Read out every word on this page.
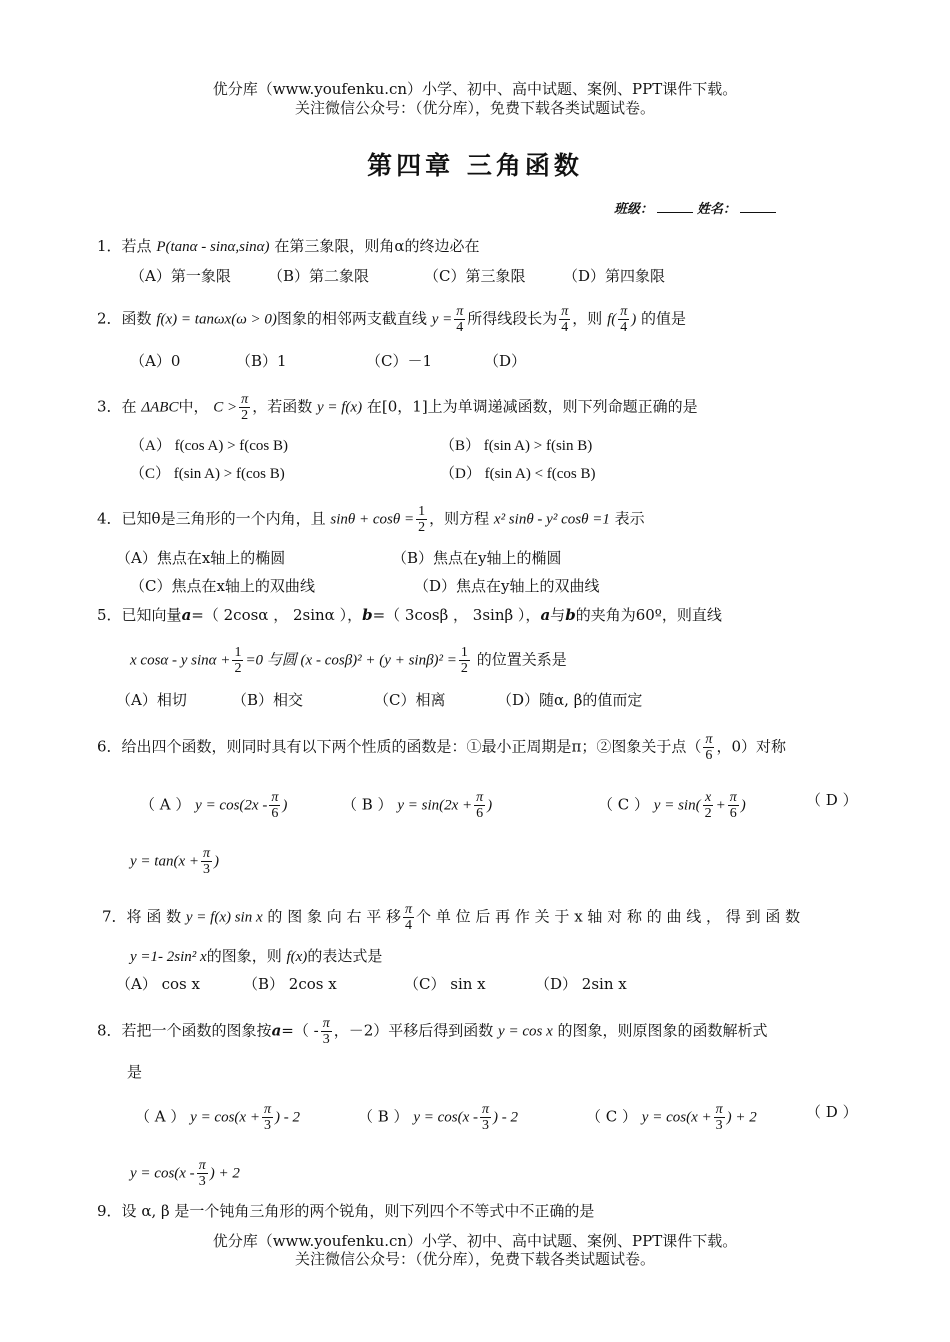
优分库（www.youfenku.cn）小学、初中、高中试题、案例、PPT课件下载。
关注微信公众号：（优分库），免费下载各类试题试卷。
第四章 三角函数
班级：	姓名：
1．若点 P(tanα - sinα,sinα) 在第三象限，则角α的终边必在
（A）第一象限 （B）第二象限	（C）第三象限	（D）第四象限
2．函数 f(x) = tanωx(ω > 0)图象的相邻两支截直线 $y = \frac{\pi}{4}$ 所得线段长为 $\frac{\pi}{4}$ ，则 $f( \frac{\pi}{4}$ ) 的值是
（A）0	（B）1	（C）－1	（D）
3．在 ΔABC中， $C > \frac{\pi}{2}$ ，若函数 y = f(x) 在[0，1]上为单调递减函数，则下列命题正确的是
（A） f(cos A) > f(cos B)	（B） f(sin A) > f(sin B)
（C） f(sin A) > f(cos B)	（D） f(sin A) < f(cos B)
4．已知θ是三角形的一个内角，且 $\sin\theta + \cos\theta = \frac{1}{2}$ ，则方程 x² sinθ - y² cosθ =1 表示
（A）焦点在x轴上的椭圆	（B）焦点在y轴上的椭圆
（C）焦点在x轴上的双曲线	（D）焦点在y轴上的双曲线
5．已知向量a=（ 2cosα ， 2sinα ），b=（ 3cosβ ， 3sinβ ），a与b的夹角为60º，则直线
x cosα - y $\sin\alpha + \frac{1}{2} =0$ 与圆 $(x - \cos\beta)^2 + (y + \sin\beta)^2 = \frac{1}{2}$ 的位置关系是
（A）相切	（B）相交	（C）相离	（D）随α, β的值而定
6．给出四个函数，则同时具有以下两个性质的函数是：①最小正周期是π；②图象关于点（ $\frac{\pi}{6}$ ，0）对称
（ A ） $y = \cos(2x - \frac{\pi}{6}$ )	（ B ） $y = \sin(2x + \frac{\pi}{6}$ )	（ C ） $y = \sin( \frac{x}{2} + \frac{\pi}{6}$ )	（ D ）
$y = \tan(x + \frac{\pi}{3}$ )
7．将 函 数 y = f(x) sin x 的 图 象 向 右 平 移 $\frac{\pi}{4}$ 个 单 位 后 再 作 关 于 x 轴 对 称 的 曲 线 ， 得 到 函 数
y =1- 2sin² x的图象，则 f(x)的表达式是
（A） cos x	（B） 2cos x	（C） sin x	（D） 2sin x
8．若把一个函数的图象按$a=( - \frac{\pi}{3}$ ，－2）平移后得到函数 y = cos x 的图象，则原图象的函数解析式
是
（ A ） $y = \cos(x + \frac{\pi}{3}$ ) - 2	（ B ） $y = \cos(x - \frac{\pi}{3}$ ) - 2	（ C ） $y = \cos(x + \frac{\pi}{3}$ ) + 2	（ D ）
$y = \cos(x - \frac{\pi}{3}$ ) + 2
9．设 α, β 是一个钝角三角形的两个锐角，则下列四个不等式中不正确的是
优分库（www.youfenku.cn）小学、初中、高中试题、案例、PPT课件下载。
关注微信公众号：（优分库），免费下载各类试题试卷。
